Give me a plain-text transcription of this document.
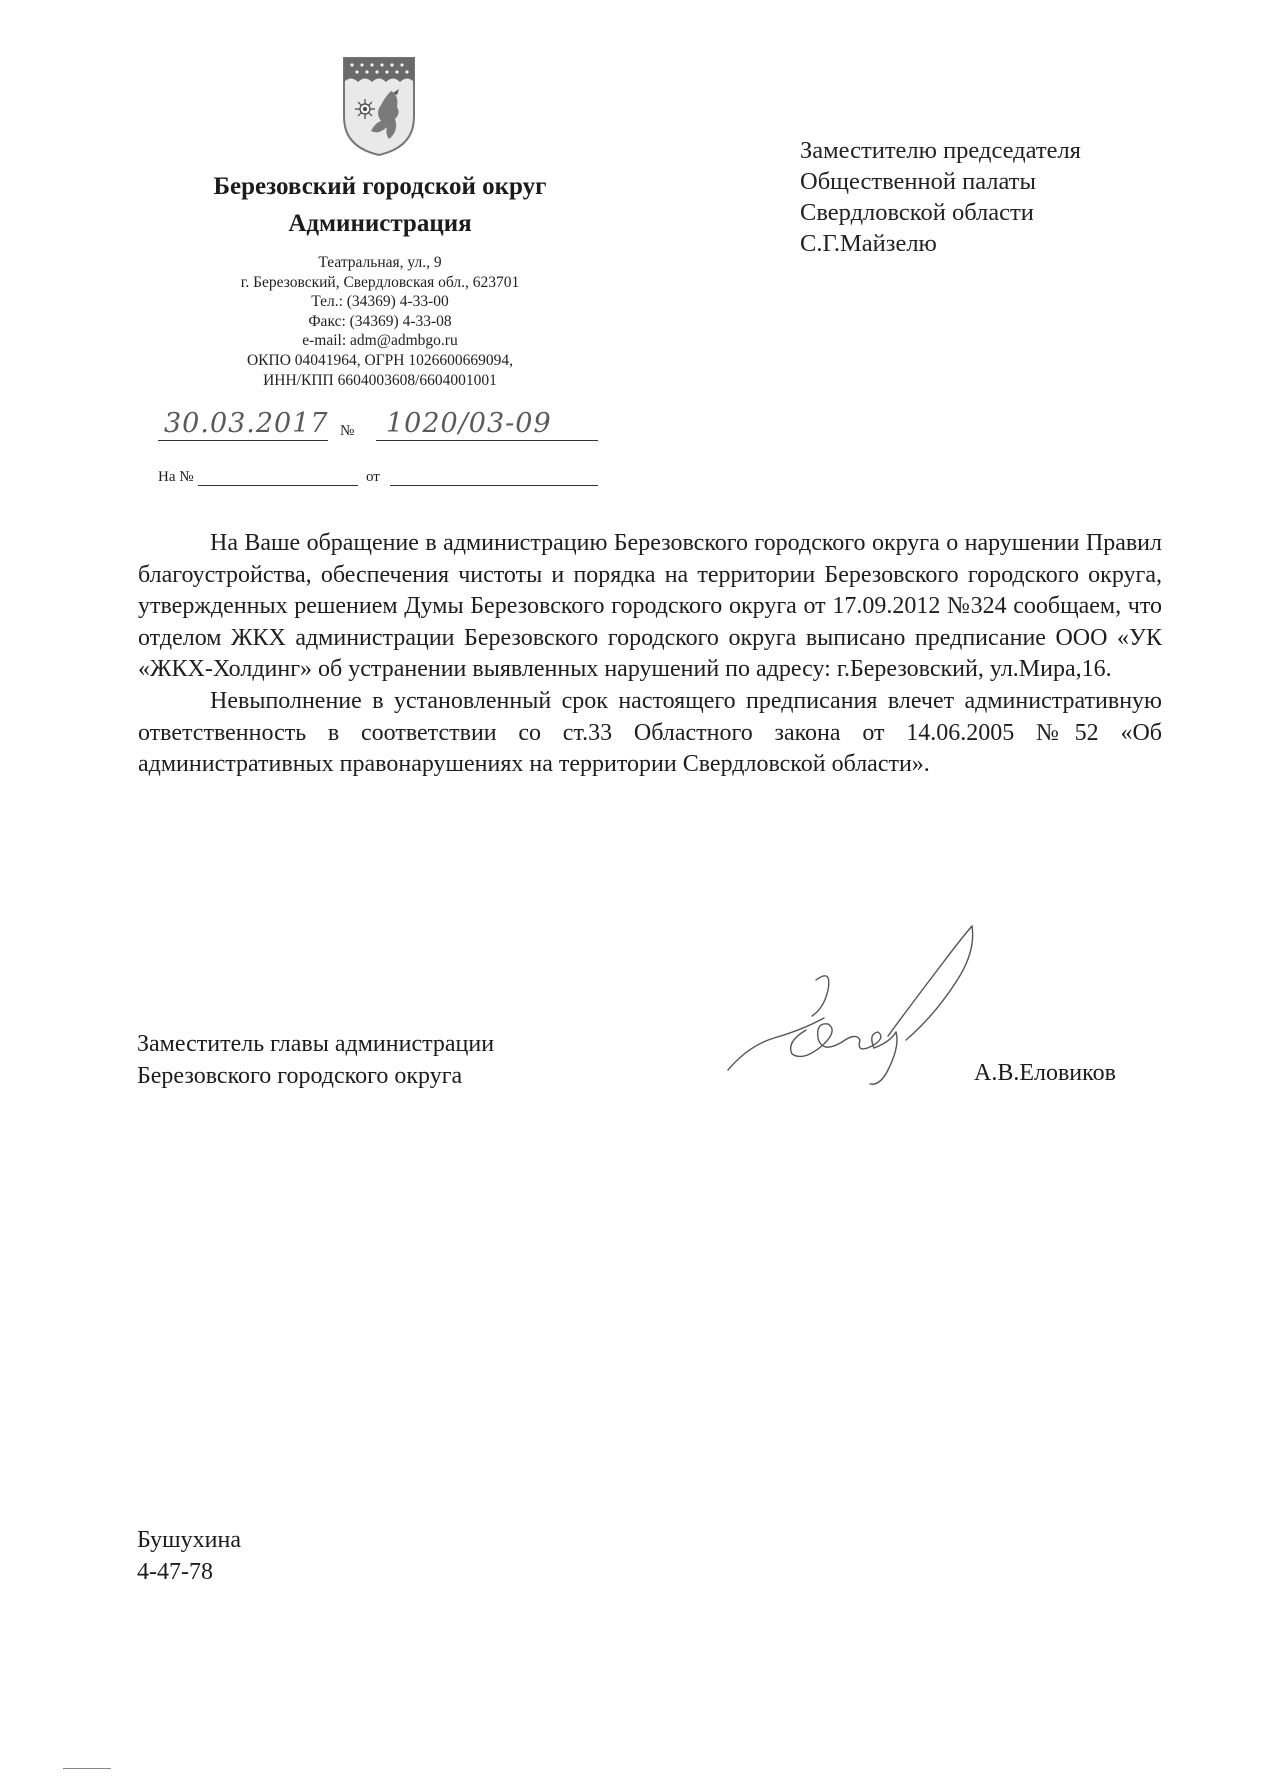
Березовский городской округ
Администрация
Театральная, ул., 9
г. Березовский, Свердловская обл., 623701
Тел.: (34369) 4-33-00
Факс: (34369) 4-33-08
e-mail: adm@admbgo.ru
ОКПО 04041964, ОГРН 1026600669094,
ИНН/КПП 6604003608/6604001001
30.03.2017 № 1020/03-09
На №	от
Заместителю председателя
Общественной палаты
Свердловской области
С.Г.Майзелю

На Ваше обращение в администрацию Березовского городского округа о нарушении Правил благоустройства, обеспечения чистоты и порядка на территории Березовского городского округа, утвержденных решением Думы Березовского городского округа от 17.09.2012 №324 сообщаем, что отделом ЖКХ администрации Березовского городского округа выписано предписание ООО «УК «ЖКХ-Холдинг» об устранении выявленных нарушений по адресу: г.Березовский, ул.Мира,16.

Невыполнение в установленный срок настоящего предписания влечет административную ответственность в соответствии со ст.33 Областного закона от 14.06.2005 №52 «Об административных правонарушениях на территории Свердловской области».

Заместитель главы администрации
Березовского городского округа	А.В.Еловиков
Бушухина
4-47-78
